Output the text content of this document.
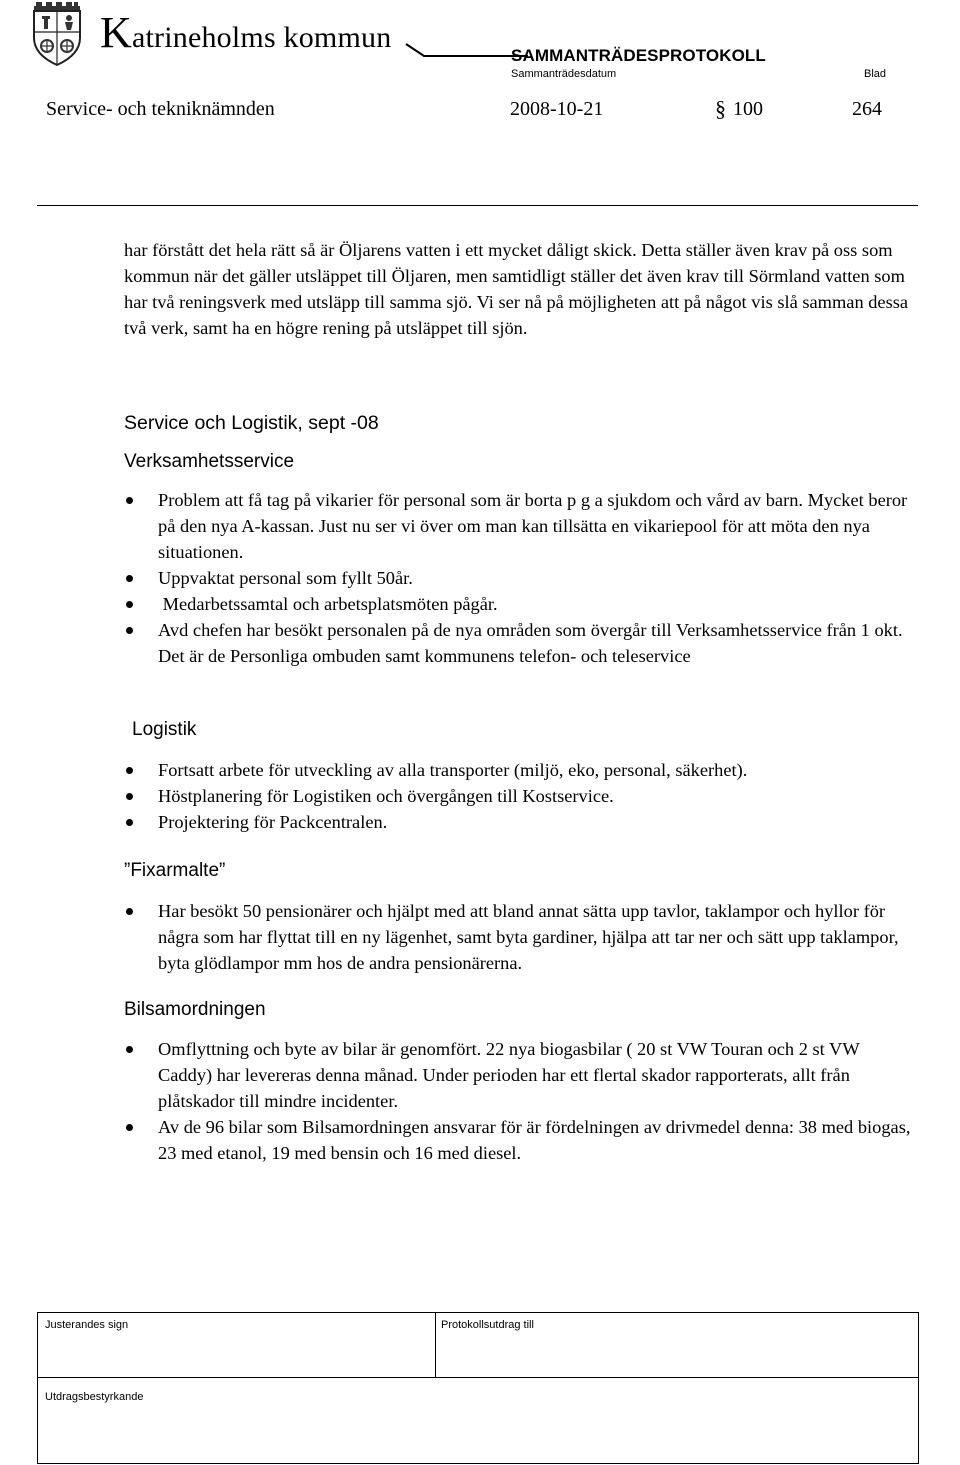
Katrineholms kommun
SAMMANTRÄDESPROTOKOLL
Sammanträdesdatum	Blad
Service- och tekniknämnden	2008-10-21	§ 100	264
har förstått det hela rätt så är Öljarens vatten i ett mycket dåligt skick. Detta ställer även krav på oss som kommun när det gäller utsläppet till Öljaren, men samtidligt ställer det även krav till Sörmland vatten som har två reningsverk med utsläpp till samma sjö. Vi ser nå på möjligheten att på något vis slå samman dessa två verk, samt ha en högre rening på utsläppet till sjön.
Service och Logistik, sept -08
Verksamhetsservice
Problem att få tag på vikarier för personal som är borta p g a sjukdom och vård av barn. Mycket beror på den nya A-kassan. Just nu ser vi över om man kan tillsätta en vikariepool för att möta den nya situationen.
Uppvaktat personal som fyllt 50år.
Medarbetssamtal och arbetsplatsmöten pågår.
Avd chefen har besökt personalen på de nya områden som övergår till Verksamhetsservice från 1 okt. Det är de Personliga ombuden samt kommunens telefon- och teleservice
Logistik
Fortsatt arbete för utveckling av alla transporter (miljö, eko, personal, säkerhet).
Höstplanering för Logistiken och övergången till Kostservice.
Projektering för Packcentralen.
”Fixarmalte”
Har besökt 50 pensionärer och hjälpt med att bland annat sätta upp tavlor, taklampor och hyllor för några som har flyttat till en ny lägenhet, samt byta gardiner, hjälpa att tar ner och sätt upp taklampor, byta glödlampor mm hos de andra pensionärerna.
Bilsamordningen
Omflyttning och byte av bilar är genomfört. 22 nya biogasbilar ( 20 st VW Touran och 2 st VW Caddy) har levereras denna månad. Under perioden har ett flertal skador rapporterats, allt från plåtskador till mindre incidenter.
Av de 96 bilar som Bilsamordningen ansvarar för är fördelningen av drivmedel denna: 38 med biogas, 23 med etanol, 19 med bensin och 16 med diesel.
Justerandes sign	Protokollsutdrag till
Utdragsbestyrkande
